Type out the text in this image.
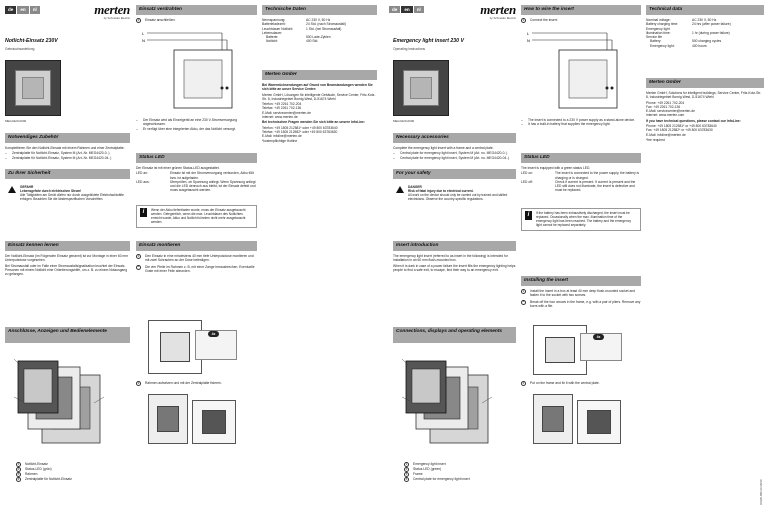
de	en	nl	merten
by Schneider Electric
Notlicht-Einsatz 230V
Gebrauchsanleitung
MEG4420-0000
Notwendiges Zubehör

Komplettieren Sie den Notlicht-Einsatz mit einem Rahmen und einer Zentralplatte.

–	Zentralplatte für Notlicht-Einsatz, System M (Art.-Nr. MEG4420-0..)
–	Zentralplatte für Notlicht-Einsatz, System M (Art.-Nr. MEG4420-04..)
Zu Ihrer Sicherheit
GEFAHR
Lebensgefahr durch elektrischen Strom!
Alle Tätigkeiten am Gerät dürfen nur durch ausgebildete Elektrofachkräfte erfolgen. Beachten Sie die länderspezifischen Vorschriften.
Einsatz kennen lernen

Der Notlicht-Einsatz (im Folgenden Einsatz genannt) ist zur Montage in einer 60 mm Unterputzdose vorgesehen.

Bei Stromausfall oder im Falle einer Stromausfallsignalisation leuchtet der Einsatz. Personen mit einem Notlicht eine Orientierungshilfe, um z. B. zu einem Notausgang zu gelangen.

Anschlüsse, Anzeigen und Bedienelemente
1	Notlicht-Einsatz
2	Status-LED (grün)
3	Rahmen
4	Zentralplatte für Notlicht-Einsatz
Einsatz verdrahten
1	Einsatz anschließen:
L
N
–	Der Einsatz wird als Einzelgerät an eine 230 V-Stromversorgung angeschlossen.
–	Er verfügt über eine integrierten Akku, der das Notlicht versorgt.
Status LED

Der Einsatz ist mit einer grünen Status-LED ausgestattet.

LED an:	Einsatz ist mit der Stromversorgung verbunden, Akku füllt bzw. ist aufgeladen.
LED aus:	Überprüfen, ob Spannung anliegt. Wenn Spannung anliegt und die LED dennoch aus bleibt, ist der Einsatz defekt und muss ausgetauscht werden.
i	Wenn der Akku tiefentladen wurde, muss der Einsatz ausgetauscht werden. Gelegentlich, wenn die max. Leuchtdauer des Notlichtes erreicht wurde, Akku und Notlicht könnten nicht mehr ausgetauscht werden.
Einsatz montieren
1	Den Einsatz in eine mindestens 40 mm tiefe Unterputzdose montieren und mit zwei Schrauben an der Dose befestigen.
2	Die vier Pfeile im Rahmen z. B. mit einer Zange herausbrechen. Eventuelle Grate mit einer Feile abrunden.
4x
3	Rahmen aufsetzen und mit der Zentralplatte fixieren.
Technische Daten
Nennspannung:	AC 230 V, 50 Hz
Batterieladezeit:	24 Std. (nach Stromausfall)
Leuchtdauer Notlicht:	1 Std. (bei Stromausfall)
Lebensdauer:
Batterie:	500 Lade-Zyklen
Notlicht:	400 Std.
Merten GmbH

Bei Warenrücksendungen auf Grund von Beanstandungen wenden Sie sich bitte an unser Service Center:

Merten GmbH, Lösungen für intelligente Gebäude, Service Center, Fritz-Kotz-Str. 8, Industriegebiet Bomig-West, D-51674 Wiehl

Telefon: +49 2261 702-204
Telefax: +49 2261 702-136
E-Mail: servicecenter@merten.de

Internet: www.merten.de

Bei technischen Fragen wenden Sie sich bitte an unsere InfoLine:

Telefon: +49 1805 212581* oder +49 800 63783640
Telefax: +49 1805 212582* oder +49 800 63783630

E-Mail: infoline@merten.de

*kostenpflichtige Hotline
de	en	nl	merten
by Schneider Electric
Emergency light insert 230 V
Operating instructions
MEG4420-0000
Necessary accessories

Complete the emergency light insert with a frame and a central plate.

–	Central plate for emergency light insert, System M (Art. no. MEG4420-0..)
–	Central plate for emergency light insert, System M (Art. no. MEG4420-04..)
For your safety
DANGER
Risk of fatal injury due to electrical current.
All work on the device should only be carried out by trained and skilled electricians. Observe the country-specific regulations.
Insert introduction

The emergency light insert (referred to as insert in the following) is intended for installation in an 60 mm flush-mounted box.

When it is dark in case of a power failure the insert fills the emergency lighting helps people to find a safe exit, to escape, find their way to an emergency exit.

Connections, displays and operating elements
1	Emergency light insert
2	Status LED (green)
3	Frame
4	Central plate for emergency light insert
How to wire the insert
1	Connect the insert:
L
N
–	The insert is connected to a 230 V power supply as a stand-alone device.
–	It has a built-in battery that supplies the emergency light.
Status LED

The insert is equipped with a green status LED.

LED on:	The insert is connected to the power supply, the battery is charging or is charged.
LED off:	Check if current is present. If current is present and the LED still does not illuminate, the insert is defective and must be replaced.
i	If the battery has been exhaustively discharged, the insert must be replaced. Occasionally when the max. illumination time of the emergency light has been reached. The battery and the emergency light cannot be replaced separately.
Installing the insert
1	Install the insert in a box at least 40 mm deep flush-mounted socket and fasten it to the socket with two screws.
2	Break off the four arrows in the frame, e.g. with a pair of pliers. Remove any burrs with a file.
4x
3	Put on the frame and fix it with the central plate.
Technical data
Nominal voltage:	AC 230 V, 50 Hz
Battery charging time:	24 hrs (after power failure)
Emergency light
illumination time:	1 hr (during power failure)
Service life
Battery:	500 charging cycles
Emergency light:	400 hours
Merten GmbH

Merten GmbH, Solutions for intelligent buildings, Service Center, Fritz-Kotz-Str. 8, Industriegebiet Bomig-West, D-51674 Wiehl

Phone: +49 2261 702-204
Fax: +49 2261 702-136
E-Mail: servicecenter@merten.de

Internet: www.merten.com

If you have technical questions, please contact our InfoLine:

Phone: +49 1805 212581* or +49 800 63783640
Fax: +49 1805 212582* or +49 800 63783630

E-Mail: infoline@merten.de

*fee required
V4420-880-00 08/10
